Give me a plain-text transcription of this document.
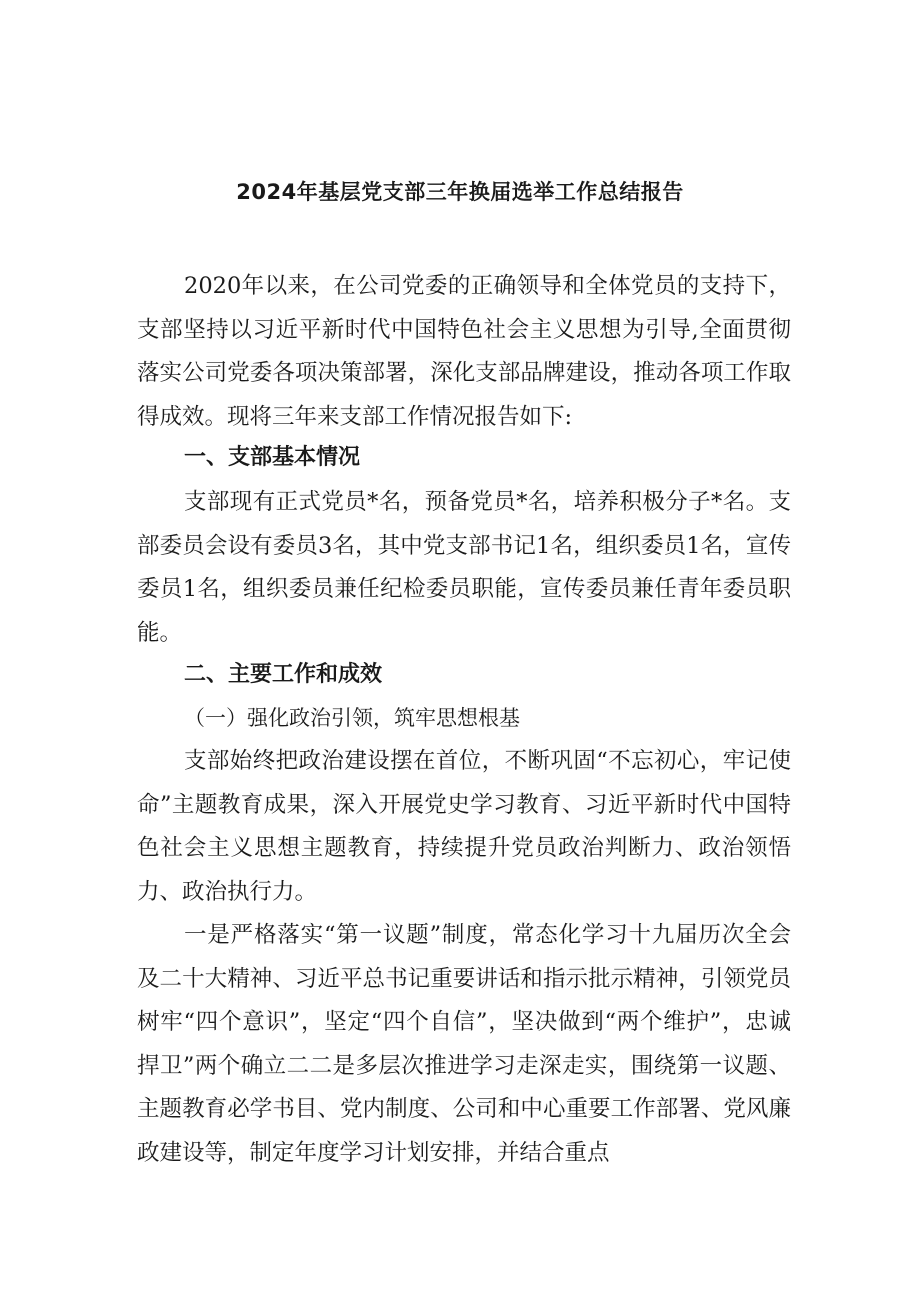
2024年基层党支部三年换届选举工作总结报告

2020年以来，在公司党委的正确领导和全体党员的支持下，支部坚持以习近平新时代中国特色社会主义思想为引导,全面贯彻落实公司党委各项决策部署，深化支部品牌建设，推动各项工作取得成效。现将三年来支部工作情况报告如下:

一、支部基本情况

支部现有正式党员*名，预备党员*名，培养积极分子*名。支部委员会设有委员3名，其中党支部书记1名，组织委员1名，宣传委员1名，组织委员兼任纪检委员职能，宣传委员兼任青年委员职能。

二、主要工作和成效
（一）强化政治引领，筑牢思想根基

支部始终把政治建设摆在首位，不断巩固“不忘初心，牢记使命”主题教育成果，深入开展党史学习教育、习近平新时代中国特色社会主义思想主题教育，持续提升党员政治判断力、政治领悟力、政治执行力。

一是严格落实“第一议题”制度，常态化学习十九届历次全会及二十大精神、习近平总书记重要讲话和指示批示精神，引领党员树牢“四个意识”，坚定“四个自信”，坚决做到“两个维护”，忠诚捍卫”两个确立二二是多层次推进学习走深走实，围绕第一议题、主题教育必学书目、党内制度、公司和中心重要工作部署、党风廉政建设等，制定年度学习计划安排，并结合重点
